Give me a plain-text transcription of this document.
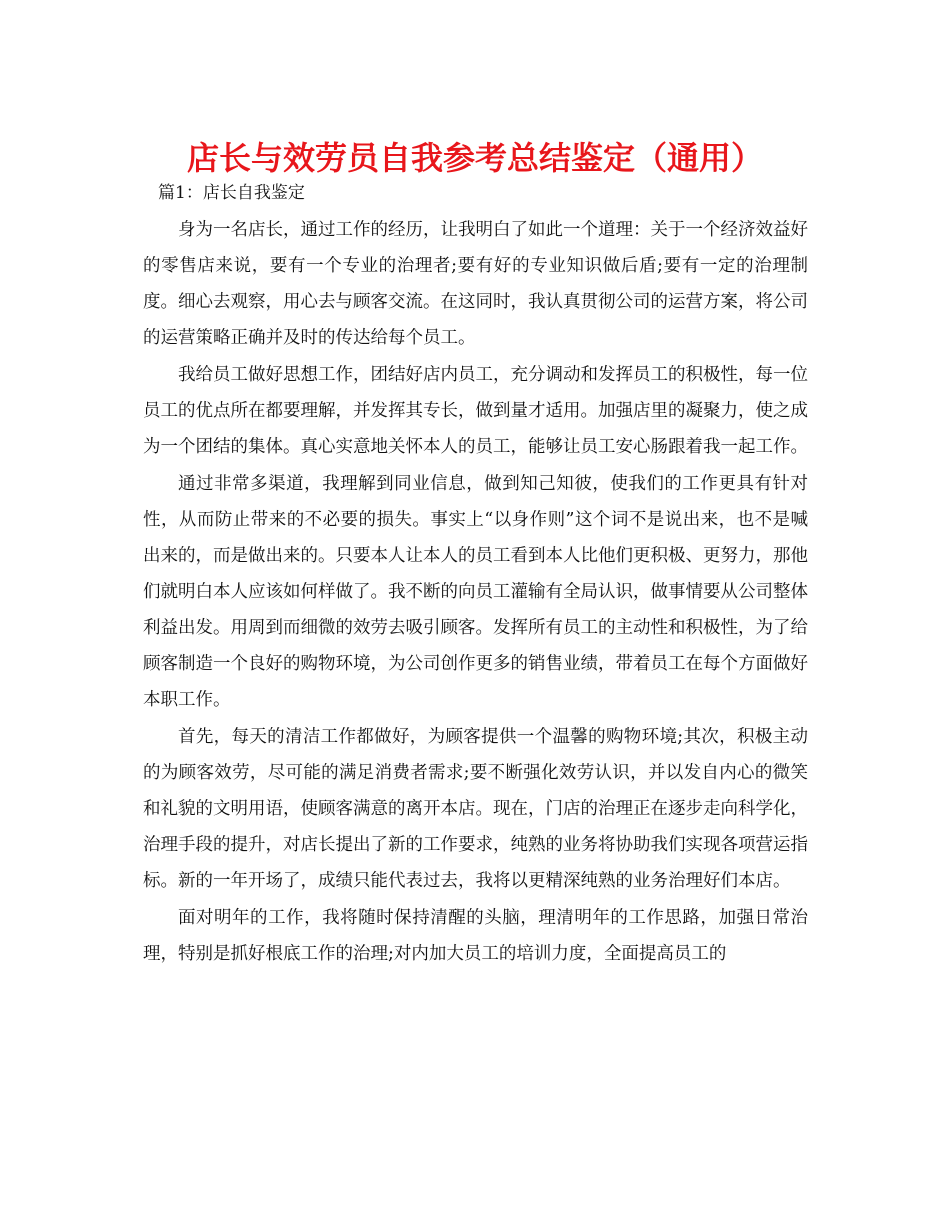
店长与效劳员自我参考总结鉴定（通用）

篇1：店长自我鉴定

身为一名店长，通过工作的经历，让我明白了如此一个道理：关于一个经济效益好的零售店来说，要有一个专业的治理者;要有好的专业知识做后盾;要有一定的治理制度。细心去观察，用心去与顾客交流。在这同时，我认真贯彻公司的运营方案，将公司的运营策略正确并及时的传达给每个员工。

我给员工做好思想工作，团结好店内员工，充分调动和发挥员工的积极性，每一位员工的优点所在都要理解，并发挥其专长，做到量才适用。加强店里的凝聚力，使之成为一个团结的集体。真心实意地关怀本人的员工，能够让员工安心肠跟着我一起工作。

通过非常多渠道，我理解到同业信息，做到知己知彼，使我们的工作更具有针对性，从而防止带来的不必要的损失。事实上“以身作则”这个词不是说出来，也不是喊出来的，而是做出来的。只要本人让本人的员工看到本人比他们更积极、更努力，那他们就明白本人应该如何样做了。我不断的向员工灌输有全局认识，做事情要从公司整体利益出发。用周到而细微的效劳去吸引顾客。发挥所有员工的主动性和积极性，为了给顾客制造一个良好的购物环境，为公司创作更多的销售业绩，带着员工在每个方面做好本职工作。

首先，每天的清洁工作都做好，为顾客提供一个温馨的购物环境;其次，积极主动的为顾客效劳，尽可能的满足消费者需求;要不断强化效劳认识，并以发自内心的微笑和礼貌的文明用语，使顾客满意的离开本店。现在，门店的治理正在逐步走向科学化，治理手段的提升，对店长提出了新的工作要求，纯熟的业务将协助我们实现各项营运指标。新的一年开场了，成绩只能代表过去，我将以更精深纯熟的业务治理好们本店。

面对明年的工作，我将随时保持清醒的头脑，理清明年的工作思路，加强日常治理，特别是抓好根底工作的治理;对内加大员工的培训力度，全面提高员工的
